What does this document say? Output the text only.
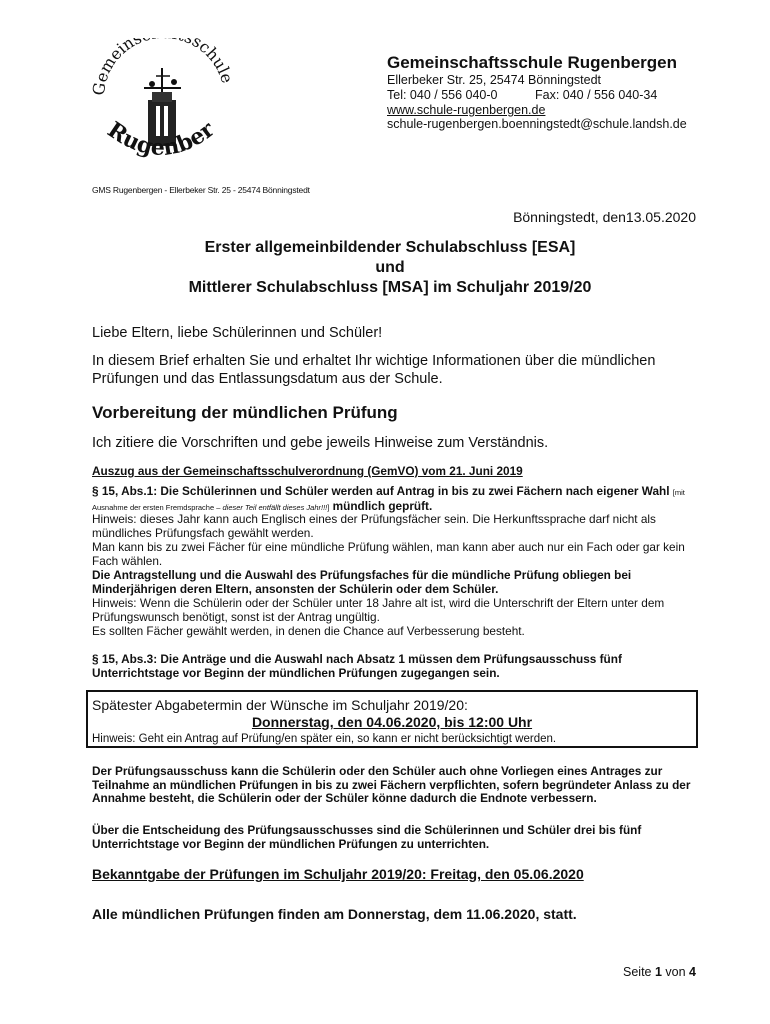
Gemeins schule
Rugenber
Gemeinschaftsschule Rugenbergen
Ellerbeker Str. 25, 25474 Bönningstedt
Tel: 040 / 556 040-0	Fax: 040 / 556 040-34
www.schule-rugenbergen.de
schule-rugenbergen.boenningstedt@schule.landsh.de
GMS Rugenbergen - Ellerbeker Str. 25 - 25474 Bönningstedt
Bönningstedt, den13.05.2020
Erster allgemeinbildender Schulabschluss [ESA]
und
Mittlerer Schulabschluss [MSA] im Schuljahr 2019/20
Liebe Eltern, liebe Schülerinnen und Schüler!
In diesem Brief erhalten Sie und erhaltet Ihr wichtige Informationen über die mündlichen Prüfungen und das Entlassungsdatum aus der Schule.
Vorbereitung der mündlichen Prüfung
Ich zitiere die Vorschriften und gebe jeweils Hinweise zum Verständnis.
Auszug aus der Gemeinschaftsschulverordnung (GemVO) vom 21. Juni 2019
§ 15, Abs.1: Die Schülerinnen und Schüler werden auf Antrag in bis zu zwei Fächern nach eigener Wahl [mit Ausnahme der ersten Fremdsprache – dieser Teil entfällt dieses Jahr!!!] mündlich geprüft.
Hinweis: dieses Jahr kann auch Englisch eines der Prüfungsfächer sein. Die Herkunftssprache darf nicht als mündliches Prüfungsfach gewählt werden.
Man kann bis zu zwei Fächer für eine mündliche Prüfung wählen, man kann aber auch nur ein Fach oder gar kein Fach wählen.
Die Antragstellung und die Auswahl des Prüfungsfaches für die mündliche Prüfung obliegen bei Minderjährigen deren Eltern, ansonsten der Schülerin oder dem Schüler.
Hinweis: Wenn die Schülerin oder der Schüler unter 18 Jahre alt ist, wird die Unterschrift der Eltern unter dem Prüfungswunsch benötigt, sonst ist der Antrag ungültig.
Es sollten Fächer gewählt werden, in denen die Chance auf Verbesserung besteht.
§ 15, Abs.3: Die Anträge und die Auswahl nach Absatz 1 müssen dem Prüfungsausschuss fünf Unterrichtstage vor Beginn der mündlichen Prüfungen zugegangen sein.
Spätester Abgabetermin der Wünsche im Schuljahr 2019/20:
Donnerstag, den 04.06.2020, bis 12:00 Uhr
Hinweis: Geht ein Antrag auf Prüfung/en später ein, so kann er nicht berücksichtigt werden.
Der Prüfungsausschuss kann die Schülerin oder den Schüler auch ohne Vorliegen eines Antrages zur Teilnahme an mündlichen Prüfungen in bis zu zwei Fächern verpflichten, sofern begründeter Anlass zu der Annahme besteht, die Schülerin oder der Schüler könne dadurch die Endnote verbessern.
Über die Entscheidung des Prüfungsausschusses sind die Schülerinnen und Schüler drei bis fünf Unterrichtstage vor Beginn der mündlichen Prüfungen zu unterrichten.
Bekanntgabe der Prüfungen im Schuljahr 2019/20: Freitag, den 05.06.2020
Alle mündlichen Prüfungen finden am Donnerstag, dem 11.06.2020, statt.
Seite 1 von 4
